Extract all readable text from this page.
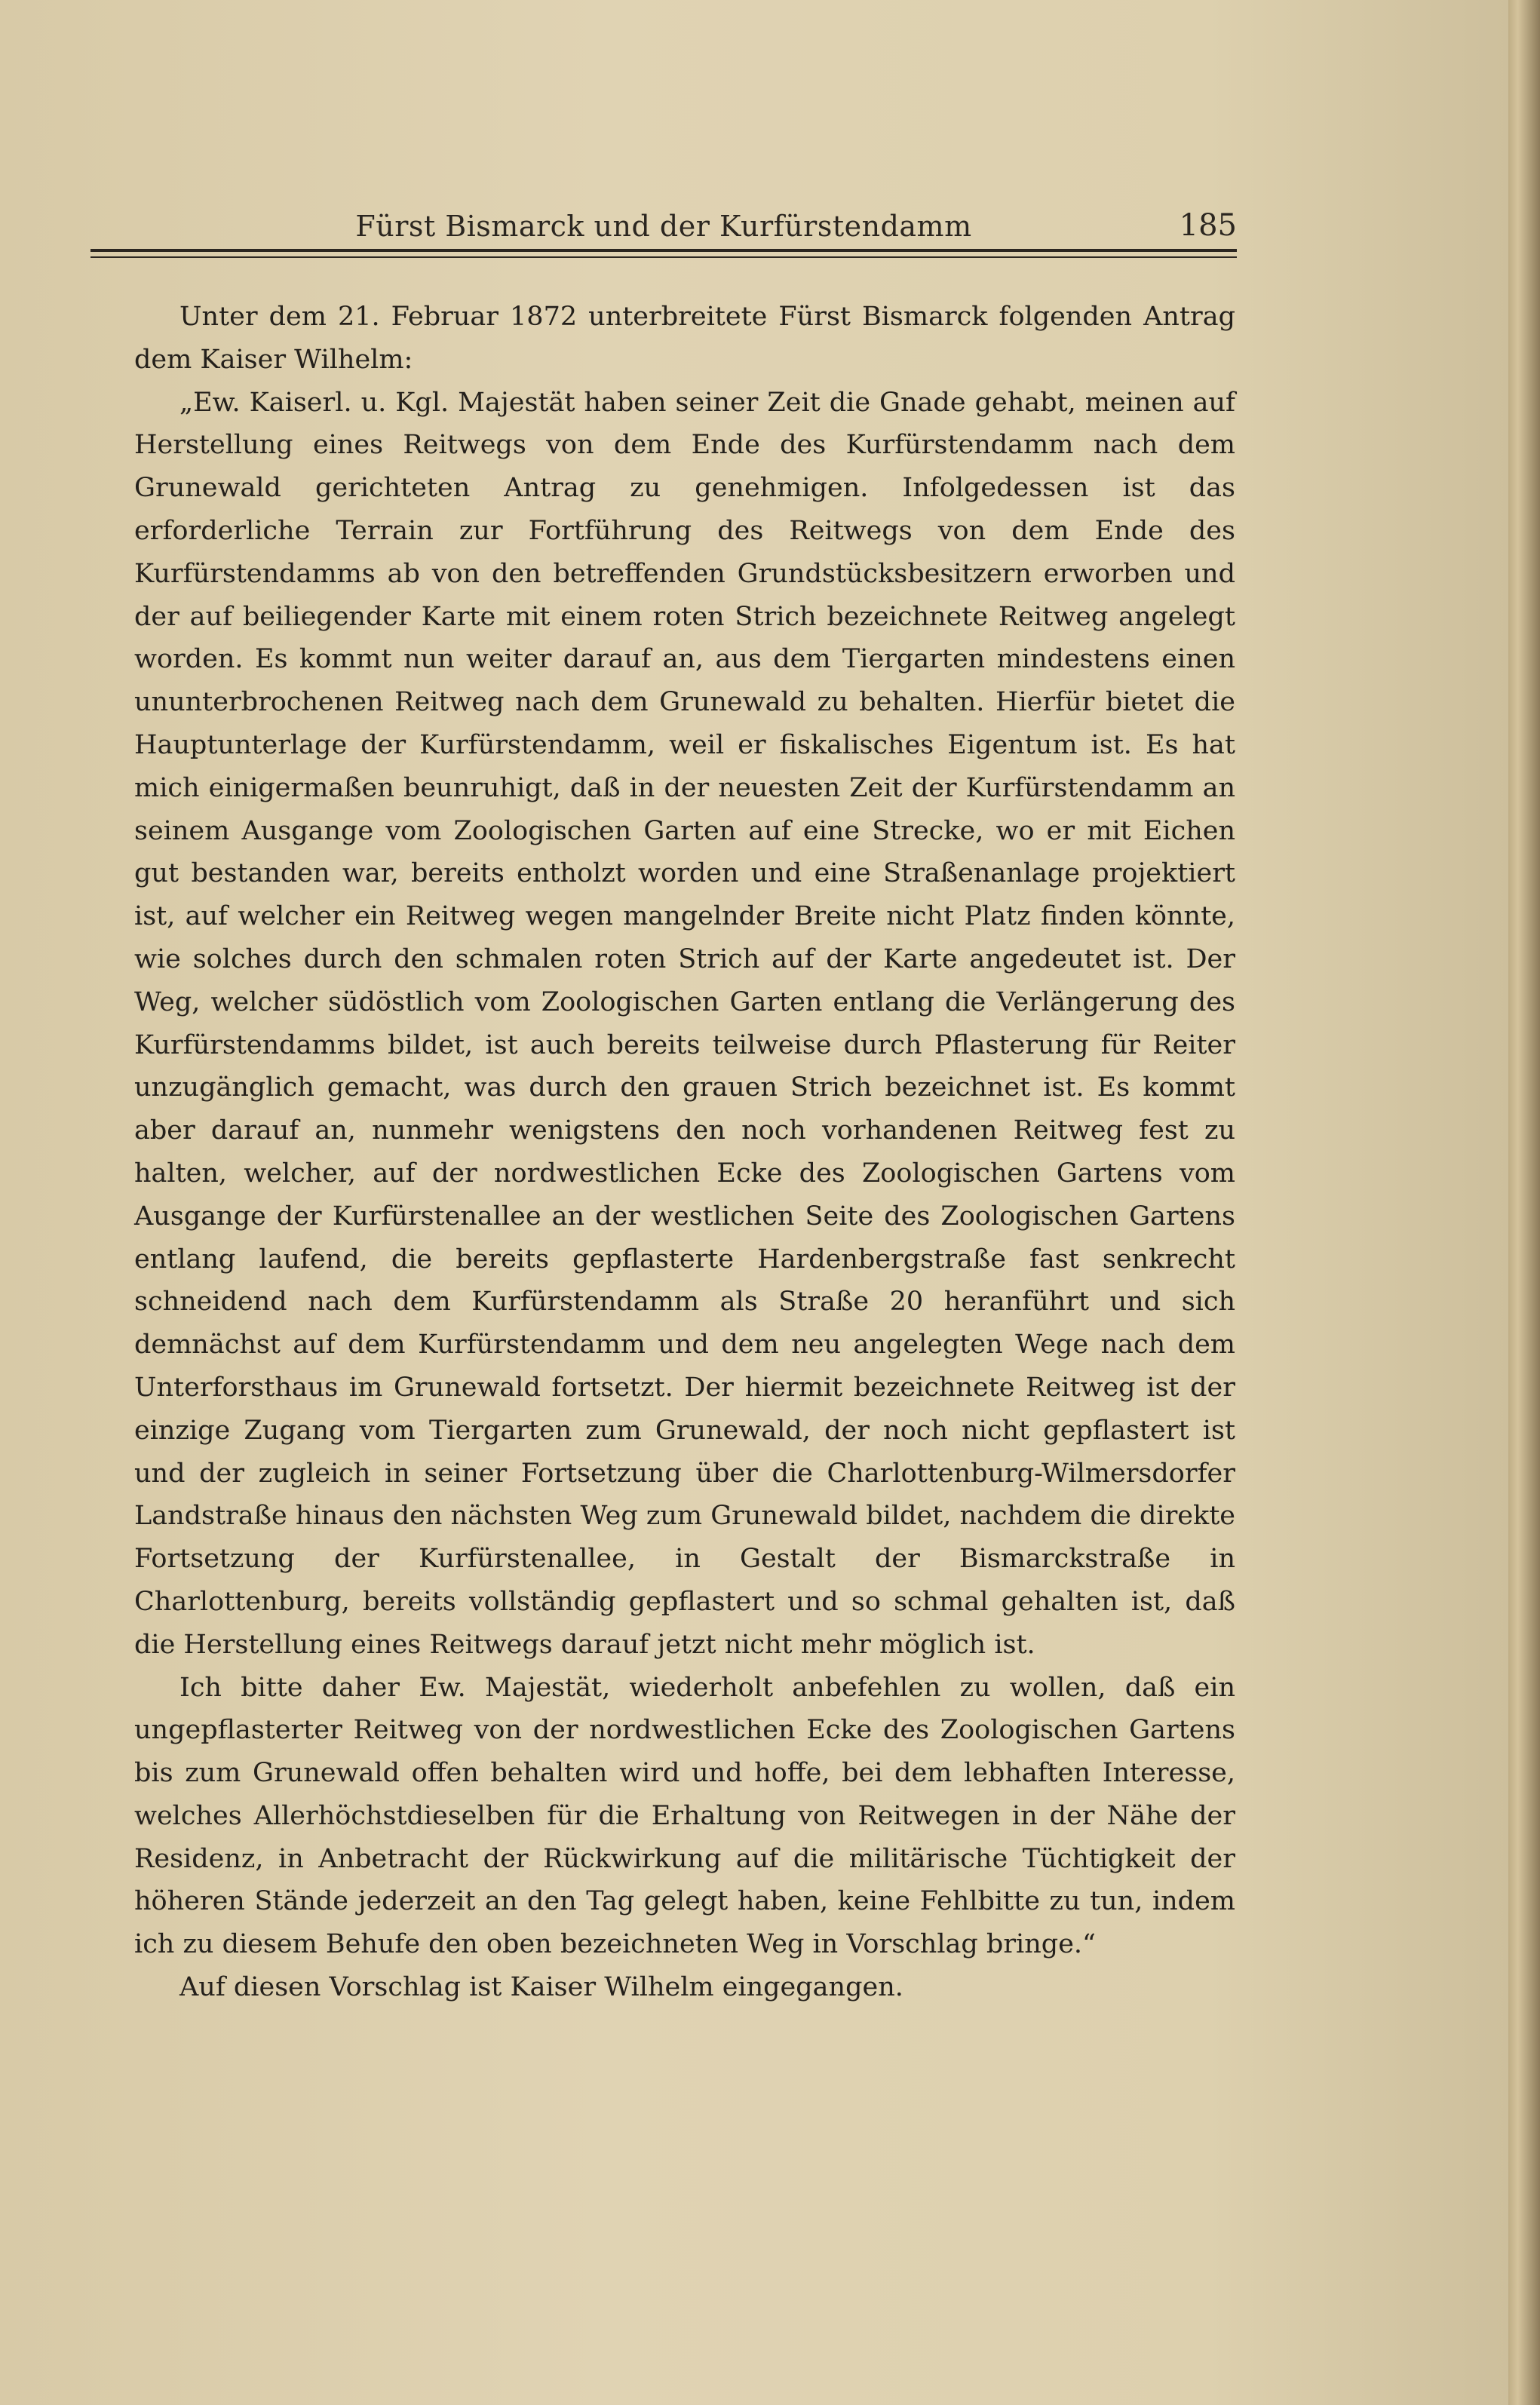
Fürst Bismarck und der Kurfürstendamm	185

Unter dem 21. Februar 1872 unterbreitete Fürst Bismarck folgenden Antrag dem Kaiser Wilhelm:

„Ew. Kaiserl. u. Kgl. Majestät haben seiner Zeit die Gnade gehabt, meinen auf Herstellung eines Reitwegs von dem Ende des Kurfürstendamm nach dem Grunewald gerichteten Antrag zu genehmigen. Infolgedessen ist das erforderliche Terrain zur Fortführung des Reitwegs von dem Ende des Kurfürstendamms ab von den betreffenden Grundstücksbesitzern erworben und der auf beiliegender Karte mit einem roten Strich bezeichnete Reitweg angelegt worden. Es kommt nun weiter darauf an, aus dem Tiergarten mindestens einen ununterbrochenen Reitweg nach dem Grunewald zu behalten. Hierfür bietet die Hauptunterlage der Kurfürstendamm, weil er fiskalisches Eigentum ist. Es hat mich einigermaßen beunruhigt, daß in der neuesten Zeit der Kurfürstendamm an seinem Ausgange vom Zoologischen Garten auf eine Strecke, wo er mit Eichen gut bestanden war, bereits entholzt worden und eine Straßenanlage projektiert ist, auf welcher ein Reitweg wegen mangelnder Breite nicht Platz finden könnte, wie solches durch den schmalen roten Strich auf der Karte angedeutet ist. Der Weg, welcher südöstlich vom Zoologischen Garten entlang die Verlängerung des Kurfürstendamms bildet, ist auch bereits teilweise durch Pflasterung für Reiter unzugänglich gemacht, was durch den grauen Strich bezeichnet ist. Es kommt aber darauf an, nunmehr wenigstens den noch vorhandenen Reitweg fest zu halten, welcher, auf der nordwestlichen Ecke des Zoologischen Gartens vom Ausgange der Kurfürstenallee an der westlichen Seite des Zoologischen Gartens entlang laufend, die bereits gepflasterte Hardenbergstraße fast senkrecht schneidend nach dem Kurfürstendamm als Straße 20 heranführt und sich demnächst auf dem Kurfürstendamm und dem neu angelegten Wege nach dem Unterforsthaus im Grunewald fortsetzt. Der hiermit bezeichnete Reitweg ist der einzige Zugang vom Tiergarten zum Grunewald, der noch nicht gepflastert ist und der zugleich in seiner Fortsetzung über die Charlottenburg-Wilmersdorfer Landstraße hinaus den nächsten Weg zum Grunewald bildet, nachdem die direkte Fortsetzung der Kurfürstenallee, in Gestalt der Bismarckstraße in Charlottenburg, bereits vollständig gepflastert und so schmal gehalten ist, daß die Herstellung eines Reitwegs darauf jetzt nicht mehr möglich ist.

Ich bitte daher Ew. Majestät, wiederholt anbefehlen zu wollen, daß ein ungepflasterter Reitweg von der nordwestlichen Ecke des Zoologischen Gartens bis zum Grunewald offen behalten wird und hoffe, bei dem lebhaften Interesse, welches Allerhöchstdieselben für die Erhaltung von Reitwegen in der Nähe der Residenz, in Anbetracht der Rückwirkung auf die militärische Tüchtigkeit der höheren Stände jederzeit an den Tag gelegt haben, keine Fehlbitte zu tun, indem ich zu diesem Behufe den oben bezeichneten Weg in Vorschlag bringe.“

Auf diesen Vorschlag ist Kaiser Wilhelm eingegangen.
